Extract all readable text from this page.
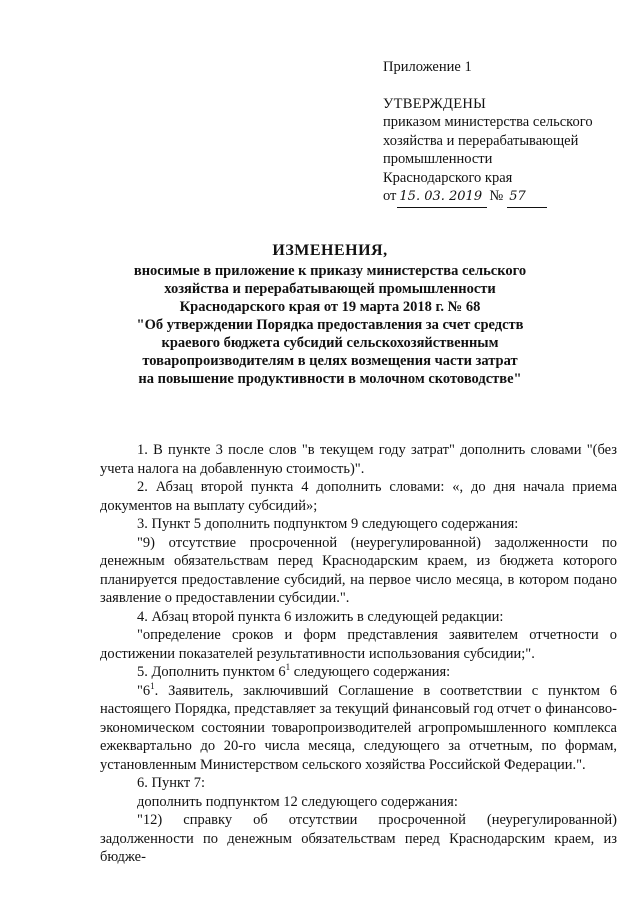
Приложение 1
УТВЕРЖДЕНЫ
приказом министерства сельского
хозяйства и перерабатывающей
промышленности
Краснодарского края
от 15. 03. 2019 № 57
ИЗМЕНЕНИЯ,
вносимые в приложение к приказу министерства сельского
хозяйства и перерабатывающей промышленности
Краснодарского края от 19 марта 2018 г. № 68
"Об утверждении Порядка предоставления за счет средств
краевого бюджета субсидий сельскохозяйственным
товаропроизводителям в целях возмещения части затрат
на повышение продуктивности в молочном скотоводстве"

1. В пункте 3 после слов "в текущем году затрат" дополнить словами "(без учета налога на добавленную стоимость)".

2. Абзац второй пункта 4 дополнить словами: «, до дня начала приема документов на выплату субсидий»;

3. Пункт 5 дополнить подпунктом 9 следующего содержания:

"9) отсутствие просроченной (неурегулированной) задолженности по денежным обязательствам перед Краснодарским краем, из бюджета которого планируется предоставление субсидий, на первое число месяца, в котором подано заявление о предоставлении субсидии.".

4. Абзац второй пункта 6 изложить в следующей редакции:

"определение сроков и форм представления заявителем отчетности о достижении показателей результативности использования субсидии;".

5. Дополнить пунктом $6^1$ следующего содержания:

"$6^1$. Заявитель, заключивший Соглашение в соответствии с пунктом 6 настоящего Порядка, представляет за текущий финансовый год отчет о финансово-экономическом состоянии товаропроизводителей агропромышленного комплекса ежеквартально до 20-го числа месяца, следующего за отчетным, по формам, установленным Министерством сельского хозяйства Российской Федерации.".

6. Пункт 7:

дополнить подпунктом 12 следующего содержания:

"12) справку об отсутствии просроченной (неурегулированной) задолженности по денежным обязательствам перед Краснодарским краем, из бюдже-
